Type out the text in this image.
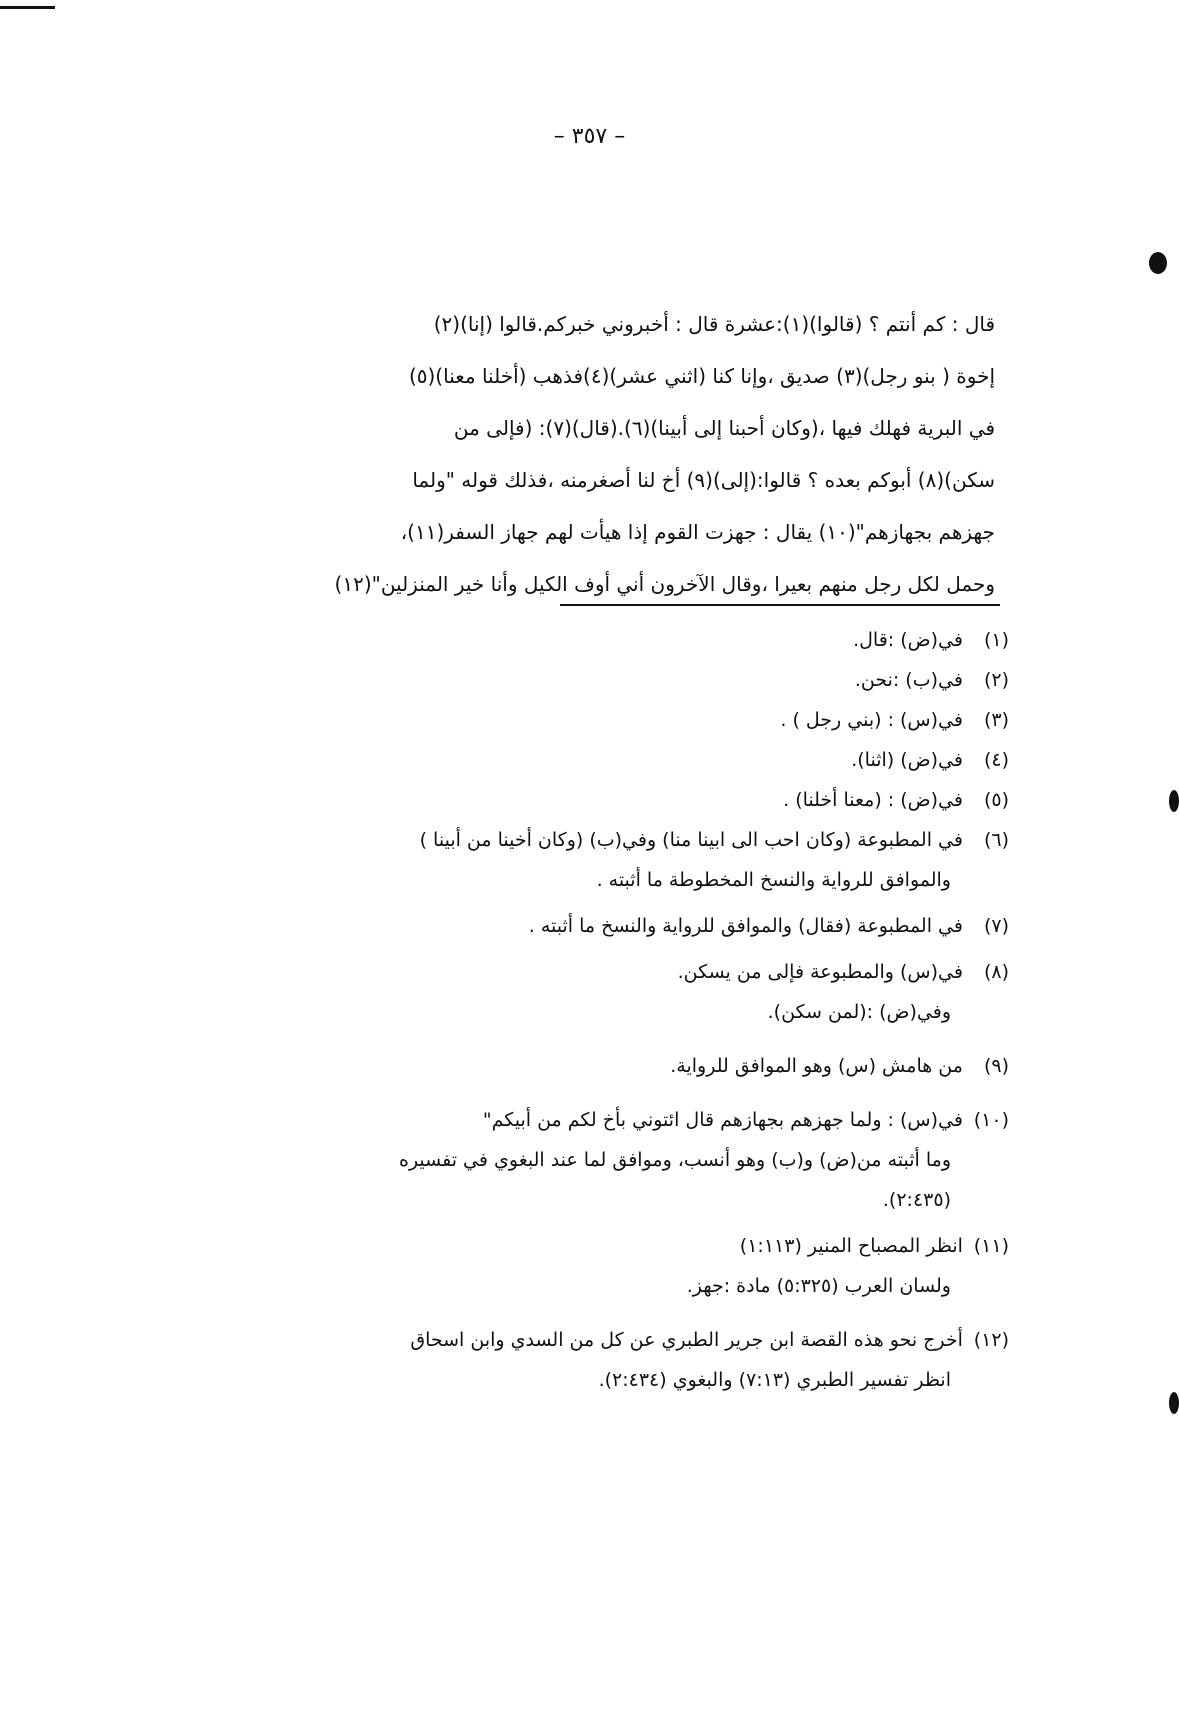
– ٣٥٧ –
قال : كم أنتم ؟ (قالوا)(١):عشرة قال : أخبروني خبركم.قالوا (إنا)(٢)
إخوة ( بنو رجل)(٣) صديق ،وإنا كنا (اثني عشر)(٤)فذهب (أخلنا معنا)(٥)
في البرية فهلك فيها ،(وكان أحبنا إلى أبينا)(٦).(قال)(٧): (فإلى من
سكن)(٨) أبوكم بعده ؟ قالوا:(إلى)(٩) أخ لنا أصغرمنه ،فذلك قوله "ولما
جهزهم بجهازهم"(١٠) يقال : جهزت القوم إذا هيأت لهم جهاز السفر(١١)،
وحمل لكل رجل منهم بعيرا ،وقال الآخرون أني أوف الكيل وأنا خير المنزلين"(١٢)
(١) في(ض) :قال.
(٢) في(ب) :نحن.
(٣) في(س) : (بني رجل ) .
(٤) في(ض) (اثنا).
(٥) في(ض) : (معنا أخلنا) .
(٦) في المطبوعة (وكان احب الى ابينا منا) وفي(ب) (وكان أخينا من أبينا )
والموافق للرواية والنسخ المخطوطة ما أثبته .
(٧) في المطبوعة (فقال) والموافق للرواية والنسخ ما أثبته .
(٨) في(س) والمطبوعة فإلى من يسكن.
وفي(ض) :(لمن سكن).
(٩) من هامش (س) وهو الموافق للرواية.
(١٠) في(س) : ولما جهزهم بجهازهم قال ائتوني بأخ لكم من أبيكم"
وما أثبته من(ض) و(ب) وهو أنسب، وموافق لما عند البغوي في تفسيره
(٢:٤٣٥).
(١١) انظر المصباح المنير (١:١١٣)
ولسان العرب (٥:٣٢٥) مادة :جهز.
(١٢) أخرج نحو هذه القصة ابن جرير الطبري عن كل من السدي وابن اسحاق
انظر تفسير الطبري (٧:١٣) والبغوي (٢:٤٣٤).
